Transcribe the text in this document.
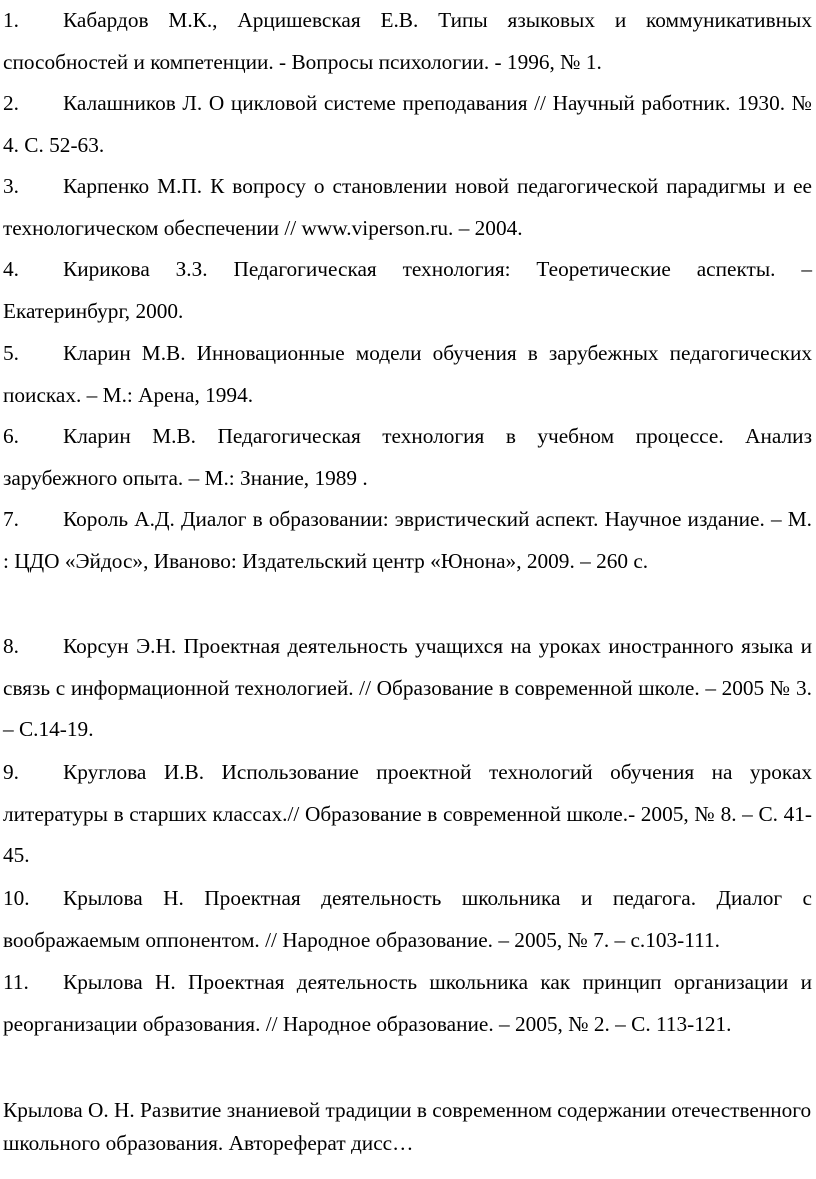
1. Кабардов М.К., Арцишевская Е.В. Типы языковых и коммуникативных способностей и компетенции. - Вопросы психологии. - 1996, № 1.
2. Калашников Л. О цикловой системе преподавания // Научный работник. 1930. № 4. С. 52-63.
3. Карпенко М.П. К вопросу о становлении новой педагогической парадигмы и ее технологическом обеспечении // www.viperson.ru. – 2004.
4. Кирикова З.З. Педагогическая технология: Теоретические аспекты. – Екатеринбург, 2000.
5. Кларин М.В. Инновационные модели обучения в зарубежных педагогических поисках. – М.: Арена, 1994.
6. Кларин М.В. Педагогическая технология в учебном процессе. Анализ зарубежного опыта. – М.: Знание, 1989 .
7. Король А.Д. Диалог в образовании: эвристический аспект. Научное издание. – М. : ЦДО «Эйдос», Иваново: Издательский центр «Юнона», 2009. – 260 с.
8. Корсун Э.Н. Проектная деятельность учащихся на уроках иностранного языка и связь с информационной технологией. // Образование в современной школе. – 2005 № 3. – С.14-19.
9. Круглова И.В. Использование проектной технологий обучения на уроках литературы в старших классах.// Образование в современной школе.- 2005, № 8. – С. 41-45.
10. Крылова Н. Проектная деятельность школьника и педагога. Диалог с воображаемым оппонентом. // Народное образование. – 2005, № 7. – с.103-111.
11. Крылова Н. Проектная деятельность школьника как принцип организации и реорганизации образования. // Народное образование. – 2005, № 2. – С. 113-121.
Крылова О. Н. Развитие знаниевой традиции в современном содержании отечественного школьного образования. Автореферат дисс…
